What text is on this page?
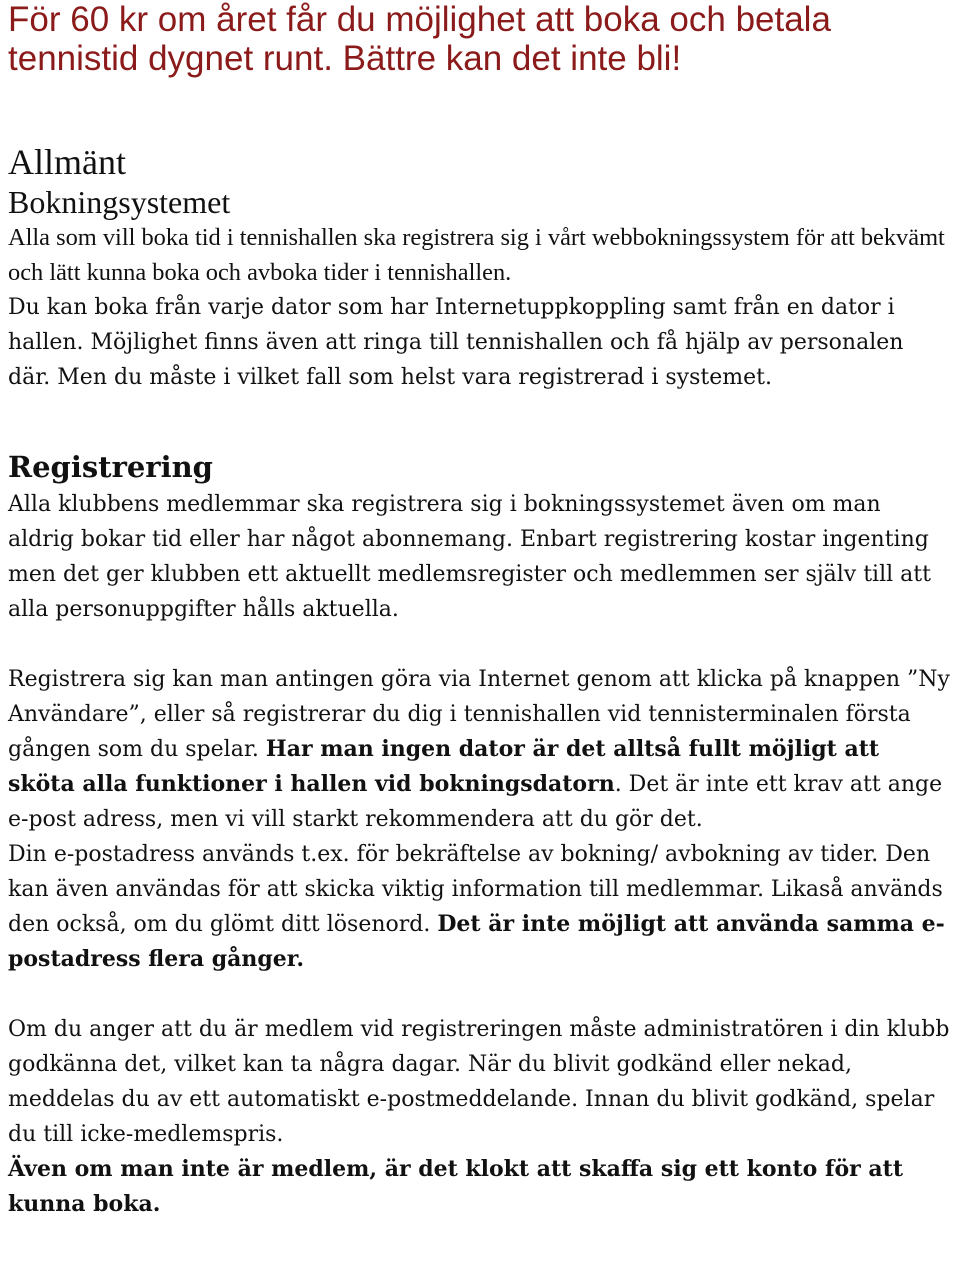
För 60 kr om året får du möjlighet att boka och betala tennistid dygnet runt. Bättre kan det inte bli!

Allmänt
Bokningsystemet

Alla som vill boka tid i tennishallen ska registrera sig i vårt webbokningssystem för att bekvämt och lätt kunna boka och avboka tider i tennishallen.

Du kan boka från varje dator som har Internetuppkoppling samt från en dator i hallen. Möjlighet finns även att ringa till tennishallen och få hjälp av personalen där. Men du måste i vilket fall som helst vara registrerad i systemet.

Registrering

Alla klubbens medlemmar ska registrera sig i bokningssystemet även om man aldrig bokar tid eller har något abonnemang. Enbart registrering kostar ingenting men det ger klubben ett aktuellt medlemsregister och medlemmen ser själv till att alla personuppgifter hålls aktuella.

Registrera sig kan man antingen göra via Internet genom att klicka på knappen ”Ny Användare”, eller så registrerar du dig i tennishallen vid tennisterminalen första gången som du spelar. Har man ingen dator är det alltså fullt möjligt att sköta alla funktioner i hallen vid bokningsdatorn. Det är inte ett krav att ange e-post adress, men vi vill starkt rekommendera att du gör det.

Din e-postadress används t.ex. för bekräftelse av bokning/ avbokning av tider. Den kan även användas för att skicka viktig information till medlemmar. Likaså används den också, om du glömt ditt lösenord. Det är inte möjligt att använda samma e-postadress flera gånger.

Om du anger att du är medlem vid registreringen måste administratören i din klubb godkänna det, vilket kan ta några dagar. När du blivit godkänd eller nekad, meddelas du av ett automatiskt e-postmeddelande. Innan du blivit godkänd, spelar du till icke-medlemspris.

Även om man inte är medlem, är det klokt att skaffa sig ett konto för att kunna boka.
